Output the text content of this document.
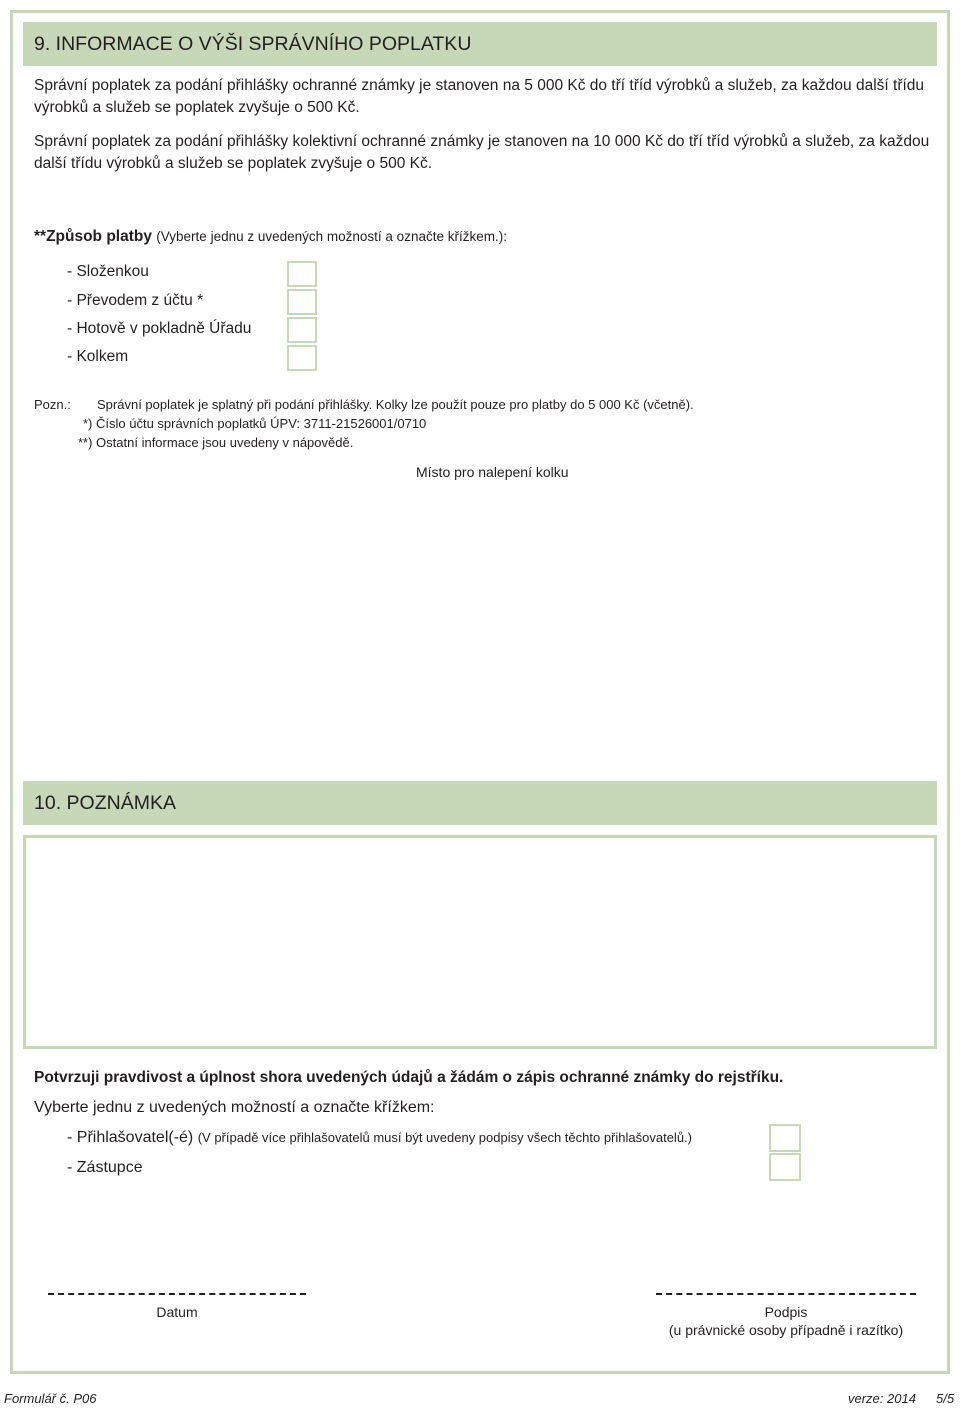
9. INFORMACE O VÝŠI SPRÁVNÍHO POPLATKU

Správní poplatek za podání přihlášky ochranné známky je stanoven na 5 000 Kč do tří tříd výrobků a služeb, za každou další třídu výrobků a služeb se poplatek zvyšuje o 500 Kč.

Správní poplatek za podání přihlášky kolektivní ochranné známky je stanoven na 10 000 Kč do tří tříd výrobků a služeb, za každou další třídu výrobků a služeb se poplatek zvyšuje o 500 Kč.

**Způsob platby (Vyberte jednu z uvedených možností a označte křížkem.):
- Složenkou
- Převodem z účtu *
- Hotově v pokladně Úřadu
- Kolkem
Pozn.: Správní poplatek je splatný při podání přihlášky. Kolky lze použít pouze pro platby do 5 000 Kč (včetně).
*) Číslo účtu správních poplatků ÚPV: 3711-21526001/0710
**) Ostatní informace jsou uvedeny v nápovědě.
Místo pro nalepení kolku
10. POZNÁMKA
Potvrzuji pravdivost a úplnost shora uvedených údajů a žádám o zápis ochranné známky do rejstříku.
Vyberte jednu z uvedených možností a označte křížkem:
- Přihlašovatel(-é) (V případě více přihlašovatelů musí být uvedeny podpisy všech těchto přihlašovatelů.)
- Zástupce
Datum	Podpis
(u právnické osoby případně i razítko)
Formulář č. P06	verze: 2014 5/5
